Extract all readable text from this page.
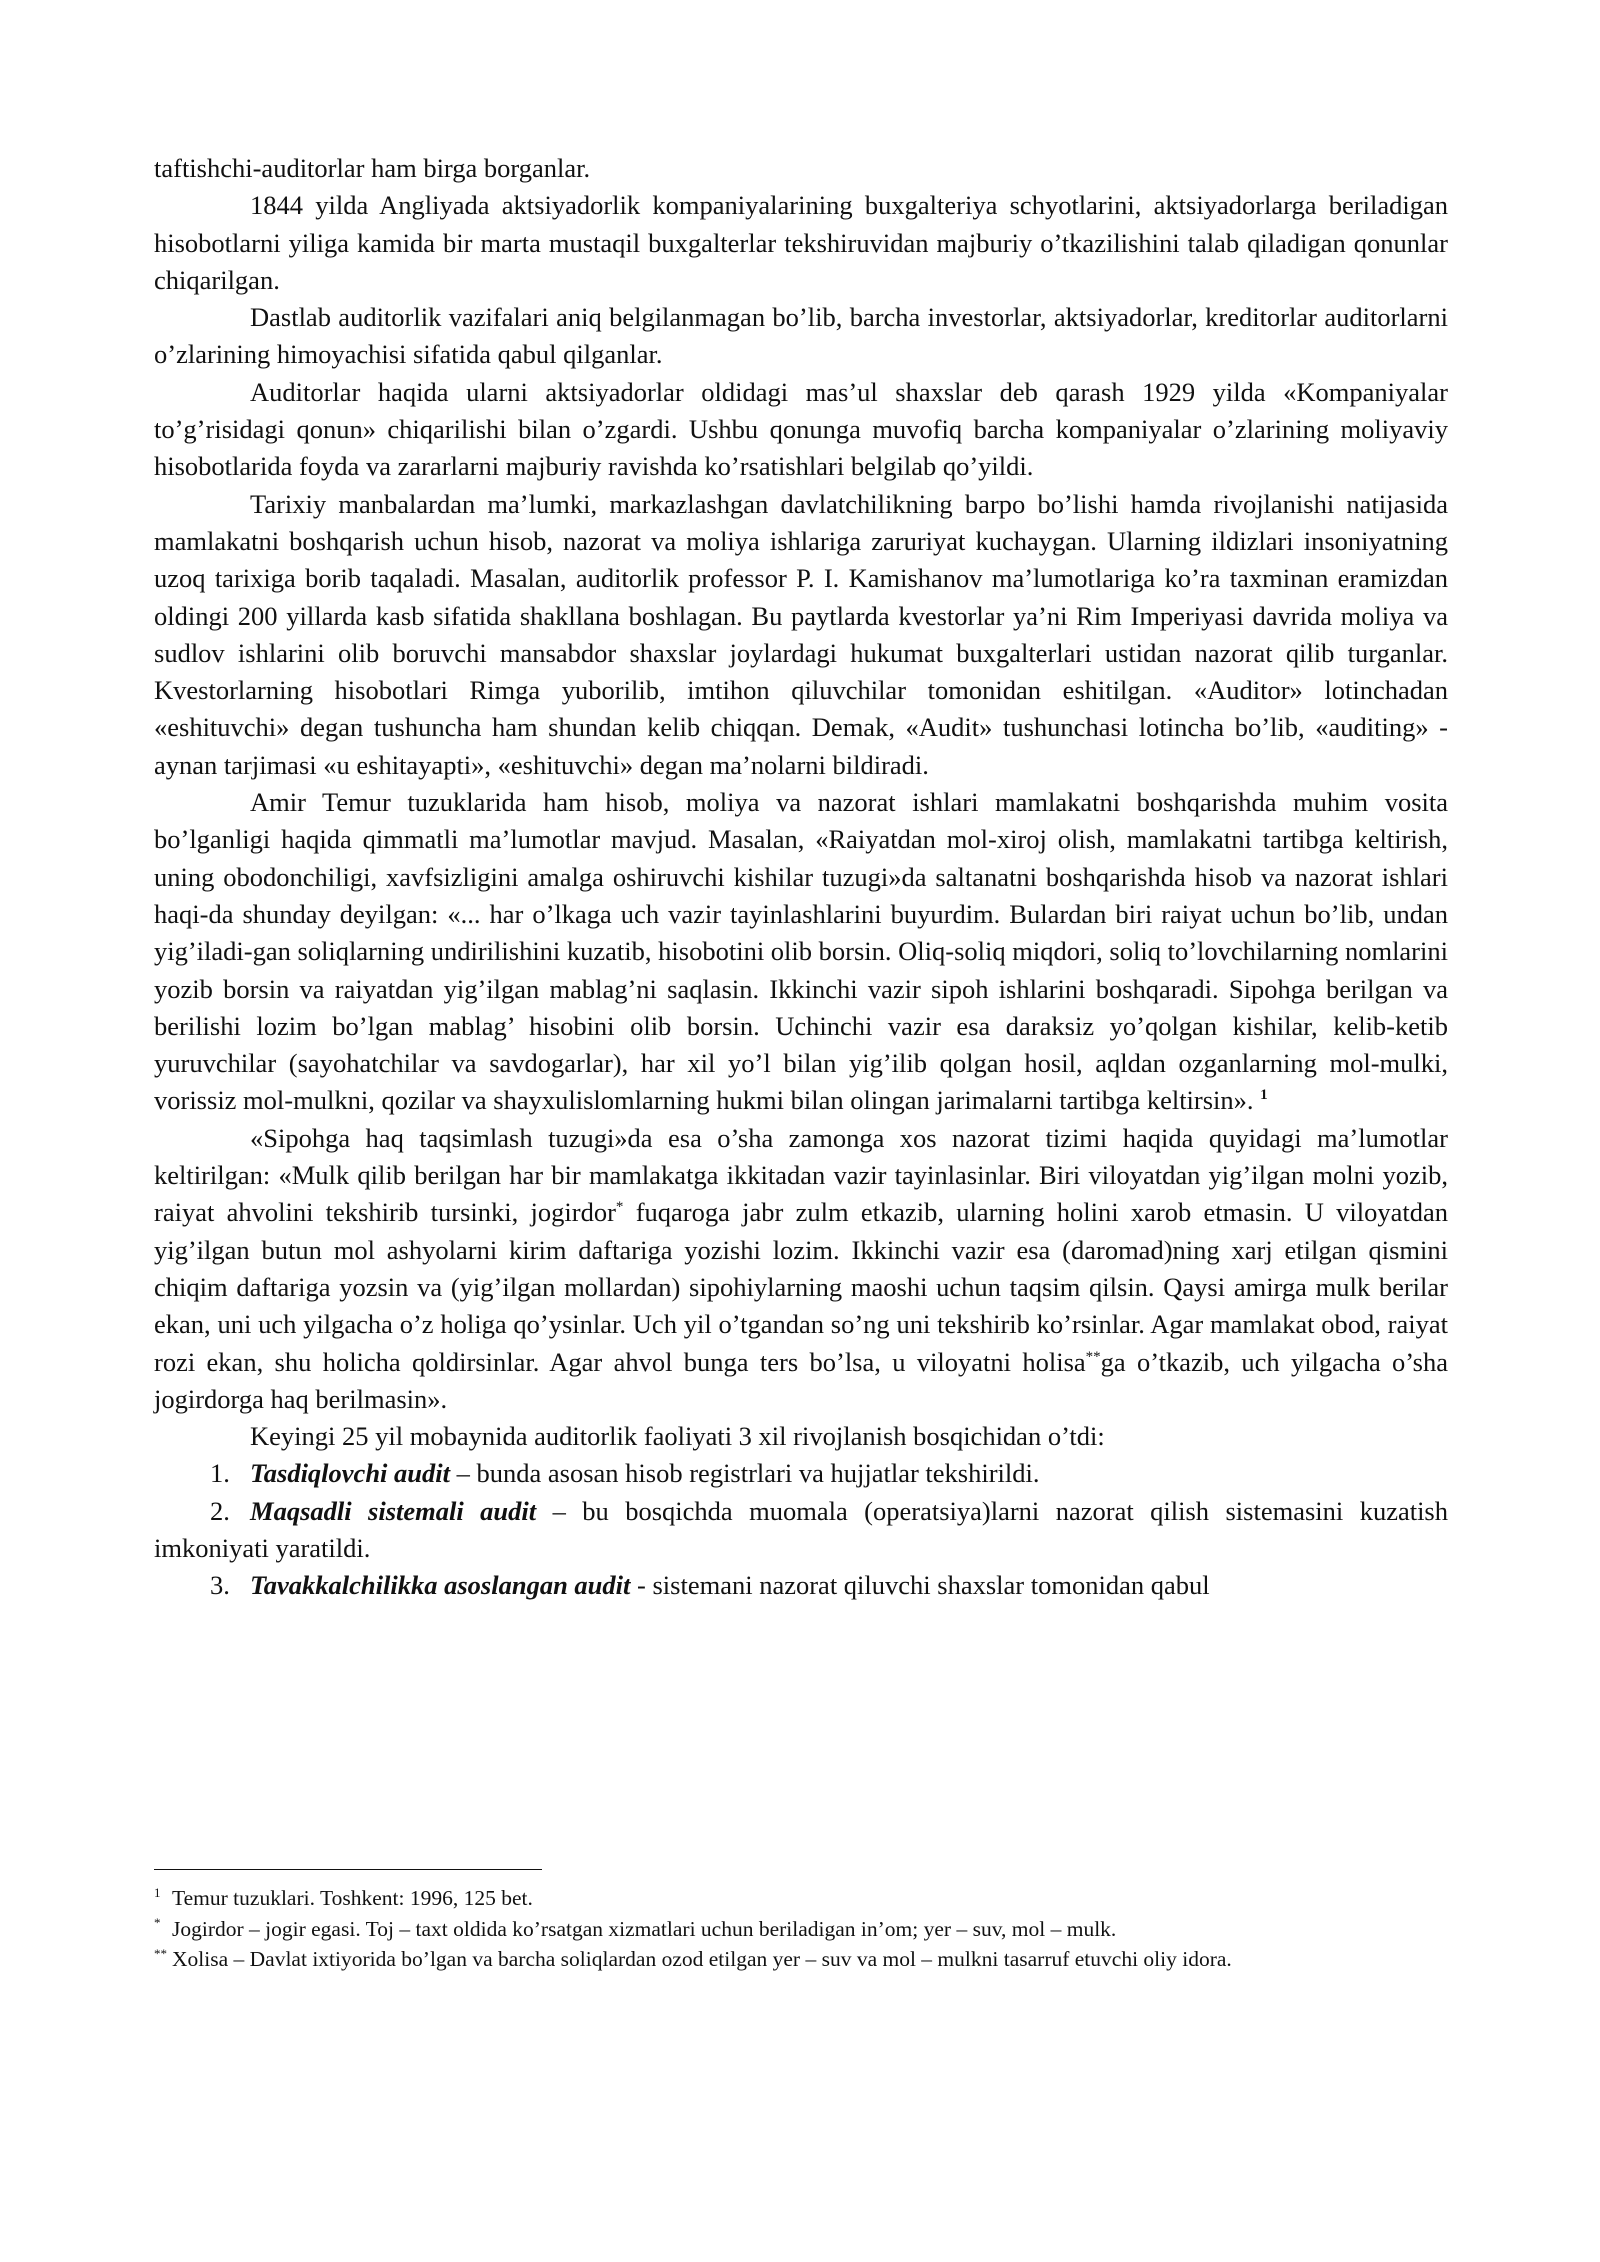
taftishchi-auditorlar ham birga borganlar.

1844 yilda Angliyada aktsiyadorlik kompaniyalarining buxgalteriya schyotlarini, aktsiyadorlarga beriladigan hisobotlarni yiliga kamida bir marta mustaqil buxgalterlar tekshiruvidan majburiy o’tkazilishini talab qiladigan qonunlar chiqarilgan.

Dastlab auditorlik vazifalari aniq belgilanmagan bo’lib, barcha investorlar, aktsiyadorlar, kreditorlar auditorlarni o’zlarining himoyachisi sifatida qabul qilganlar.

Auditorlar haqida ularni aktsiyadorlar oldidagi mas’ul shaxslar deb qarash 1929 yilda «Kompaniyalar to’g’risidagi qonun» chiqarilishi bilan o’zgardi. Ushbu qonunga muvofiq barcha kompaniyalar o’zlarining moliyaviy hisobotlarida foyda va zararlarni majburiy ravishda ko’rsatishlari belgilab qo’yildi.

Tarixiy manbalardan ma’lumki, markazlashgan davlatchilikning barpo bo’lishi hamda rivojlanishi natijasida mamlakatni boshqarish uchun hisob, nazorat va moliya ishlariga zaruriyat kuchaygan. Ularning ildizlari insoniyatning uzoq tarixiga borib taqaladi. Masalan, auditorlik professor P. I. Kamishanov ma’lumotlariga ko’ra taxminan eramizdan oldingi 200 yillarda kasb sifatida shakllana boshlagan. Bu paytlarda kvestorlar ya’ni Rim Imperiyasi davrida moliya va sudlov ishlarini olib boruvchi mansabdor shaxslar joylardagi hukumat buxgalterlari ustidan nazorat qilib turganlar. Kvestorlarning hisobotlari Rimga yuborilib, imtihon qiluvchilar tomonidan eshitilgan. «Auditor» lotinchadan «eshituvchi» degan tushuncha ham shundan kelib chiqqan. Demak, «Audit» tushunchasi lotincha bo’lib, «auditing» - aynan tarjimasi «u eshitayapti», «eshituvchi» degan ma’nolarni bildiradi.

Amir Temur tuzuklarida ham hisob, moliya va nazorat ishlari mamlakatni boshqarishda muhim vosita bo’lganligi haqida qimmatli ma’lumotlar mavjud. Masalan, «Raiyatdan mol-xiroj olish, mamlakatni tartibga keltirish, uning obodonchiligi, xavfsizligini amalga oshiruvchi kishilar tuzugi»da saltanatni boshqarishda hisob va nazorat ishlari haqi-da shunday deyilgan: «... har o’lkaga uch vazir tayinlashlarini buyurdim. Bulardan biri raiyat uchun bo’lib, undan yig’iladi-gan soliqlarning undirilishini kuzatib, hisobotini olib borsin. Oliq-soliq miqdori, soliq to’lovchilarning nomlarini yozib borsin va raiyatdan yig’ilgan mablag’ni saqlasin. Ikkinchi vazir sipoh ishlarini boshqaradi. Sipohga berilgan va berilishi lozim bo’lgan mablag’ hisobini olib borsin. Uchinchi vazir esa daraksiz yo’qolgan kishilar, kelib-ketib yuruvchilar (sayohatchilar va savdogarlar), har xil yo’l bilan yig’ilib qolgan hosil, aqldan ozganlarning mol-mulki, vorissiz mol-mulkni, qozilar va shayxulislomlarning hukmi bilan olingan jarimalarni tartibga keltirsin». $^1$

«Sipohga haq taqsimlash tuzugi»da esa o’sha zamonga xos nazorat tizimi haqida quyidagi ma’lumotlar keltirilgan: «Mulk qilib berilgan har bir mamlakatga ikkitadan vazir tayinlasinlar. Biri viloyatdan yig’ilgan molni yozib, raiyat ahvolini tekshirib tursinki, jogirdor* fuqaroga jabr zulm etkazib, ularning holini xarob etmasin. U viloyatdan yig’ilgan butun mol ashyolarni kirim daftariga yozishi lozim. Ikkinchi vazir esa (daromad)ning xarj etilgan qismini chiqim daftariga yozsin va (yig’ilgan mollardan) sipohiylarning maoshi uchun taqsim qilsin. Qaysi amirga mulk berilar ekan, uni uch yilgacha o’z holiga qo’ysinlar. Uch yil o’tgandan so’ng uni tekshirib ko’rsinlar. Agar mamlakat obod, raiyat rozi ekan, shu holicha qoldirsinlar. Agar ahvol bunga ters bo’lsa, u viloyatni holisa**ga o’tkazib, uch yilgacha o’sha jogirdorga haq berilmasin».

Keyingi 25 yil mobaynida auditorlik faoliyati 3 xil rivojlanish bosqichidan o’tdi:

1. Tasdiqlovchi audit – bunda asosan hisob registrlari va hujjatlar tekshirildi.

2. Maqsadli sistemali audit – bu bosqichda muomala (operatsiya)larni nazorat qilish sistemasini kuzatish imkoniyati yaratildi.

3. Tavakkalchilikka asoslangan audit - sistemani nazorat qiluvchi shaxslar tomonidan qabul

1 Temur tuzuklari. Toshkent: 1996, 125 bet.

* Jogirdor – jogir egasi. Toj – taxt oldida ko’rsatgan xizmatlari uchun beriladigan in’om; yer – suv, mol – mulk.

** Xolisa – Davlat ixtiyorida bo’lgan va barcha soliqlardan ozod etilgan yer – suv va mol – mulkni tasarruf etuvchi oliy idora.
